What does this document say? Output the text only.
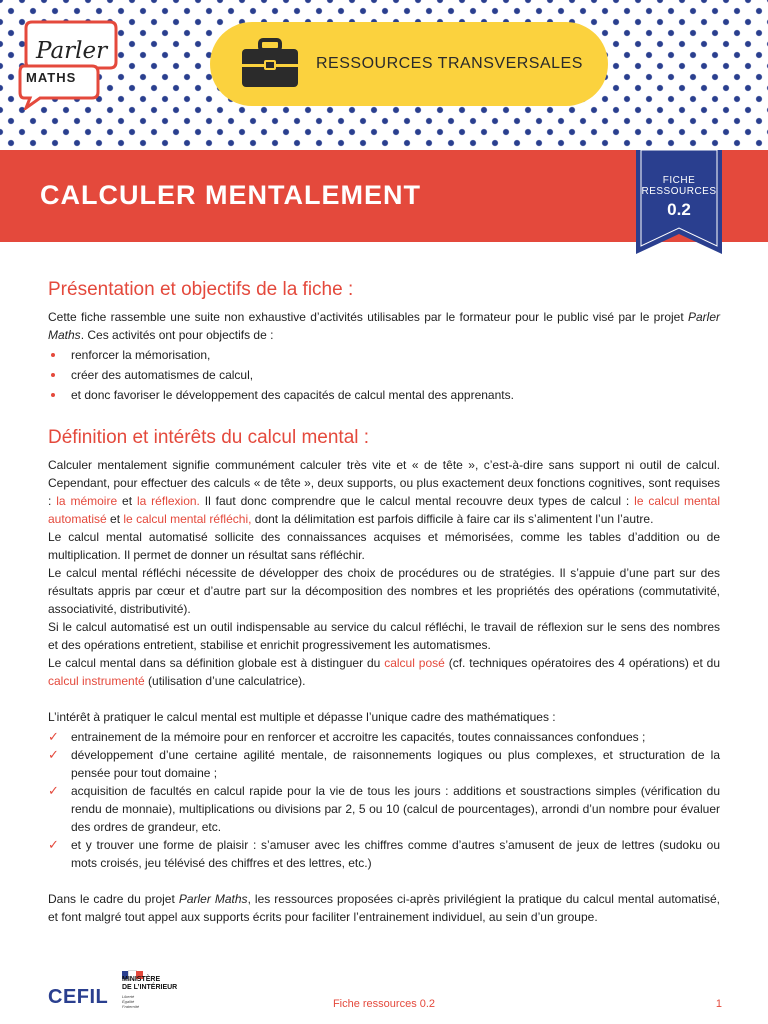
Parler
MATHS
RESSOURCES TRANSVERSALES
CALCULER MENTALEMENT	FICHE
RESSOURCES
0.2
Présentation et objectifs de la fiche :

Cette fiche rassemble une suite non exhaustive d’activités utilisables par le formateur pour le public visé par le projet Parler Maths. Ces activités ont pour objectifs de :

renforcer la mémorisation,
créer des automatismes de calcul,
et donc favoriser le développement des capacités de calcul mental des apprenants.
Définition et intérêts du calcul mental :

Calculer mentalement signifie communément calculer très vite et « de tête », c’est-à-dire sans support ni outil de calcul. Cependant, pour effectuer des calculs « de tête », deux supports, ou plus exactement deux fonctions cognitives, sont requises : la mémoire et la réflexion. Il faut donc comprendre que le calcul mental recouvre deux types de calcul : le calcul mental automatisé et le calcul mental réfléchi, dont la délimitation est parfois difficile à faire car ils s’alimentent l’un l’autre.

Le calcul mental automatisé sollicite des connaissances acquises et mémorisées, comme les tables d’addition ou de multiplication. Il permet de donner un résultat sans réfléchir.

Le calcul mental réfléchi nécessite de développer des choix de procédures ou de stratégies. Il s’appuie d’une part sur des résultats appris par cœur et d’autre part sur la décomposition des nombres et les propriétés des opérations (commutativité, associativité, distributivité).

Si le calcul automatisé est un outil indispensable au service du calcul réfléchi, le travail de réflexion sur le sens des nombres et des opérations entretient, stabilise et enrichit progressivement les automatismes.

Le calcul mental dans sa définition globale est à distinguer du calcul posé (cf. techniques opératoires des 4 opérations) et du calcul instrumenté (utilisation d’une calculatrice).

L’intérêt à pratiquer le calcul mental est multiple et dépasse l’unique cadre des mathématiques :

✓ entrainement de la mémoire pour en renforcer et accroitre les capacités, toutes connaissances confondues ;
✓ développement d’une certaine agilité mentale, de raisonnements logiques ou plus complexes, et structuration de la pensée pour tout domaine ;
✓ acquisition de facultés en calcul rapide pour la vie de tous les jours : additions et soustractions simples (vérification du rendu de monnaie), multiplications ou divisions par 2, 5 ou 10 (calcul de pourcentages), arrondi d’un nombre pour évaluer des ordres de grandeur, etc.
✓ et y trouver une forme de plaisir : s’amuser avec les chiffres comme d’autres s’amusent de jeux de lettres (sudoku ou mots croisés, jeu télévisé des chiffres et des lettres, etc.)

Dans le cadre du projet Parler Maths, les ressources proposées ci-après privilégient la pratique du calcul mental automatisé, et font malgré tout appel aux supports écrits pour faciliter l’entrainement individuel, au sein d’un groupe.

CEFIL
MINISTÈRE
DE L’INTÉRIEUR
Liberté
Égalité
Fraternité	Fiche ressources 0.2	1
